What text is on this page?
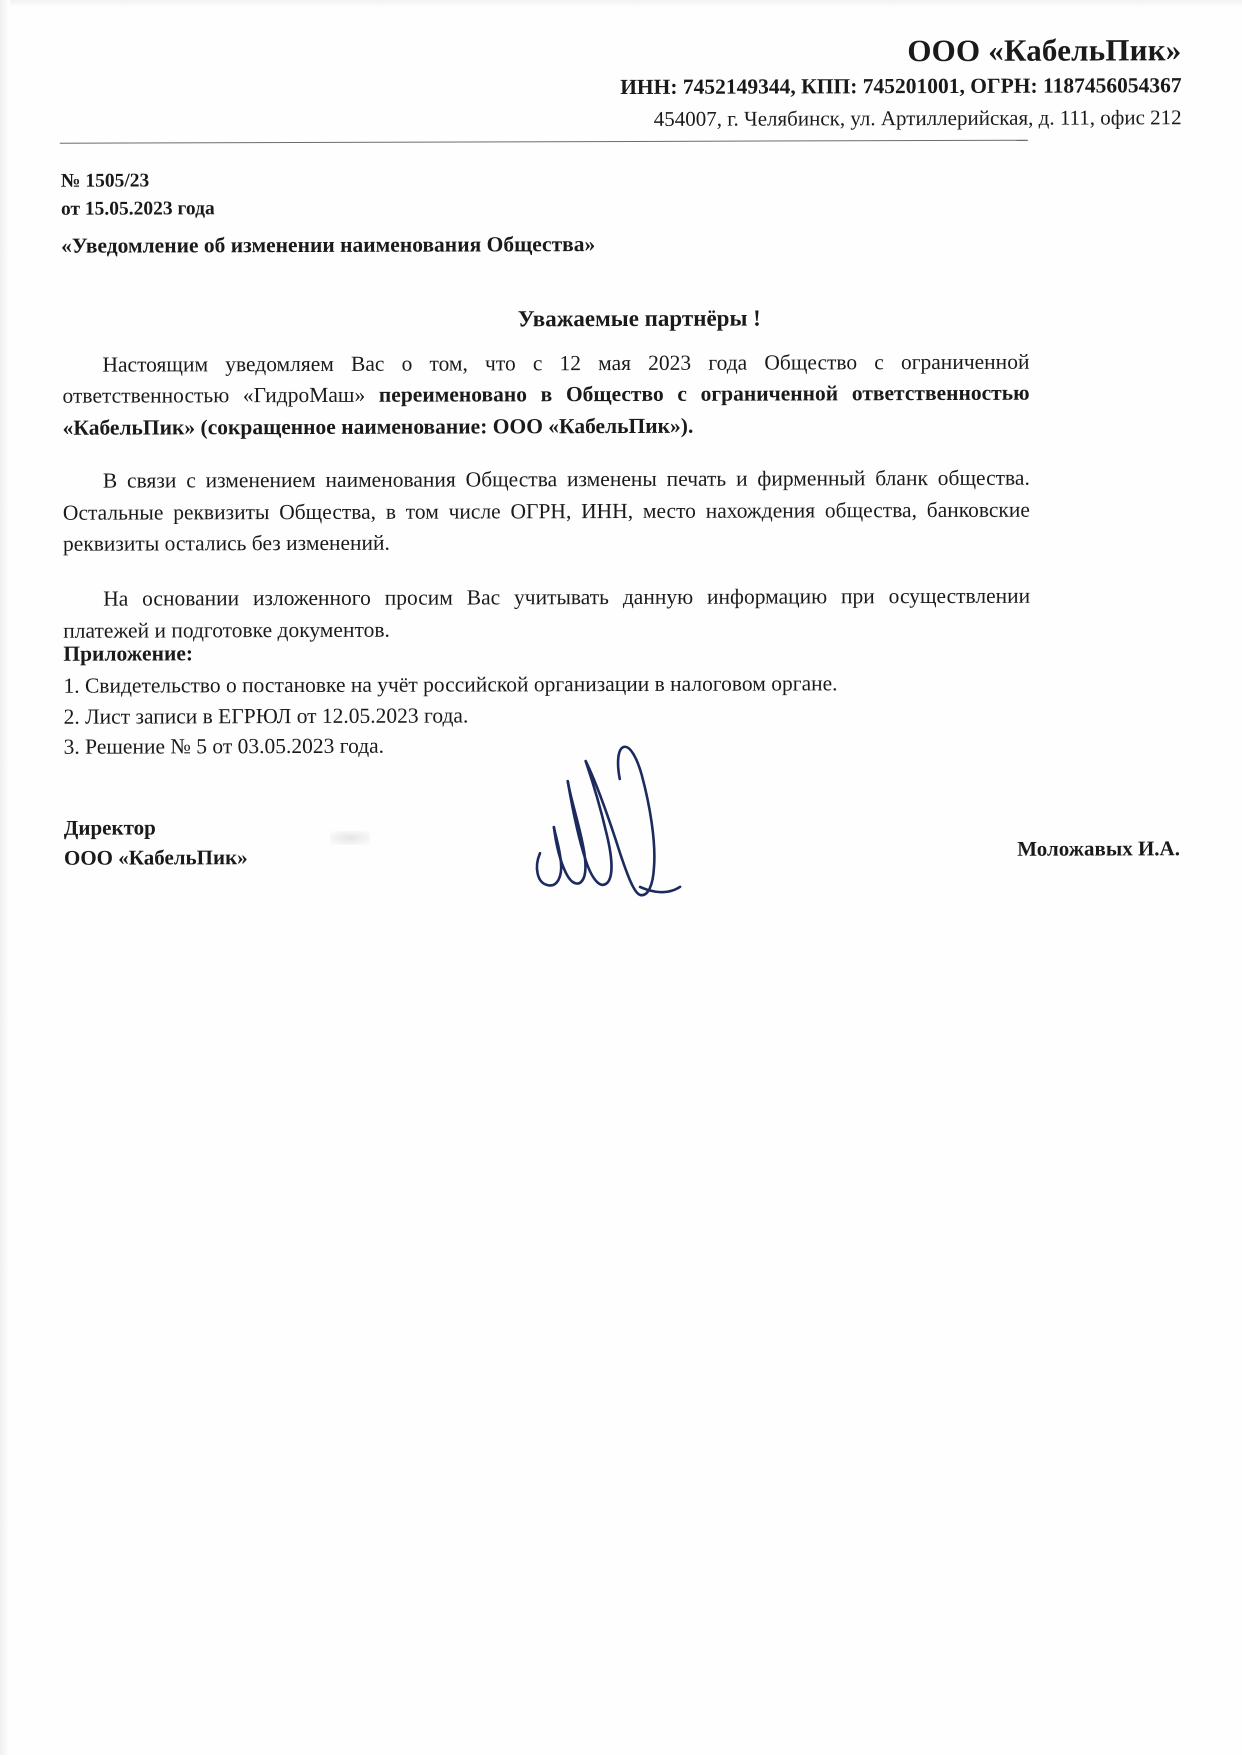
ООО «КабельПик»
ИНН: 7452149344, КПП: 745201001, ОГРН: 1187456054367
454007, г. Челябинск, ул. Артиллерийская, д. 111, офис 212
№ 1505/23
от 15.05.2023 года
«Уведомление об изменении наименования Общества»
Уважаемые партнёры !

Настоящим уведомляем Вас о том, что с 12 мая 2023 года Общество с ограниченной ответственностью «ГидроМаш» переименовано в Общество с ограниченной ответственностью «КабельПик» (сокращенное наименование: ООО «КабельПик»).

В связи с изменением наименования Общества изменены печать и фирменный бланк общества. Остальные реквизиты Общества, в том числе ОГРН, ИНН, место нахождения общества, банковские реквизиты остались без изменений.

На основании изложенного просим Вас учитывать данную информацию при осуществлении платежей и подготовке документов.

Приложение:
1. Свидетельство о постановке на учёт российской организации в налоговом органе.
2. Лист записи в ЕГРЮЛ от 12.05.2023 года.
3. Решение № 5 от 03.05.2023 года.
Директор
ООО «КабельПик»	Моложавых И.А.
